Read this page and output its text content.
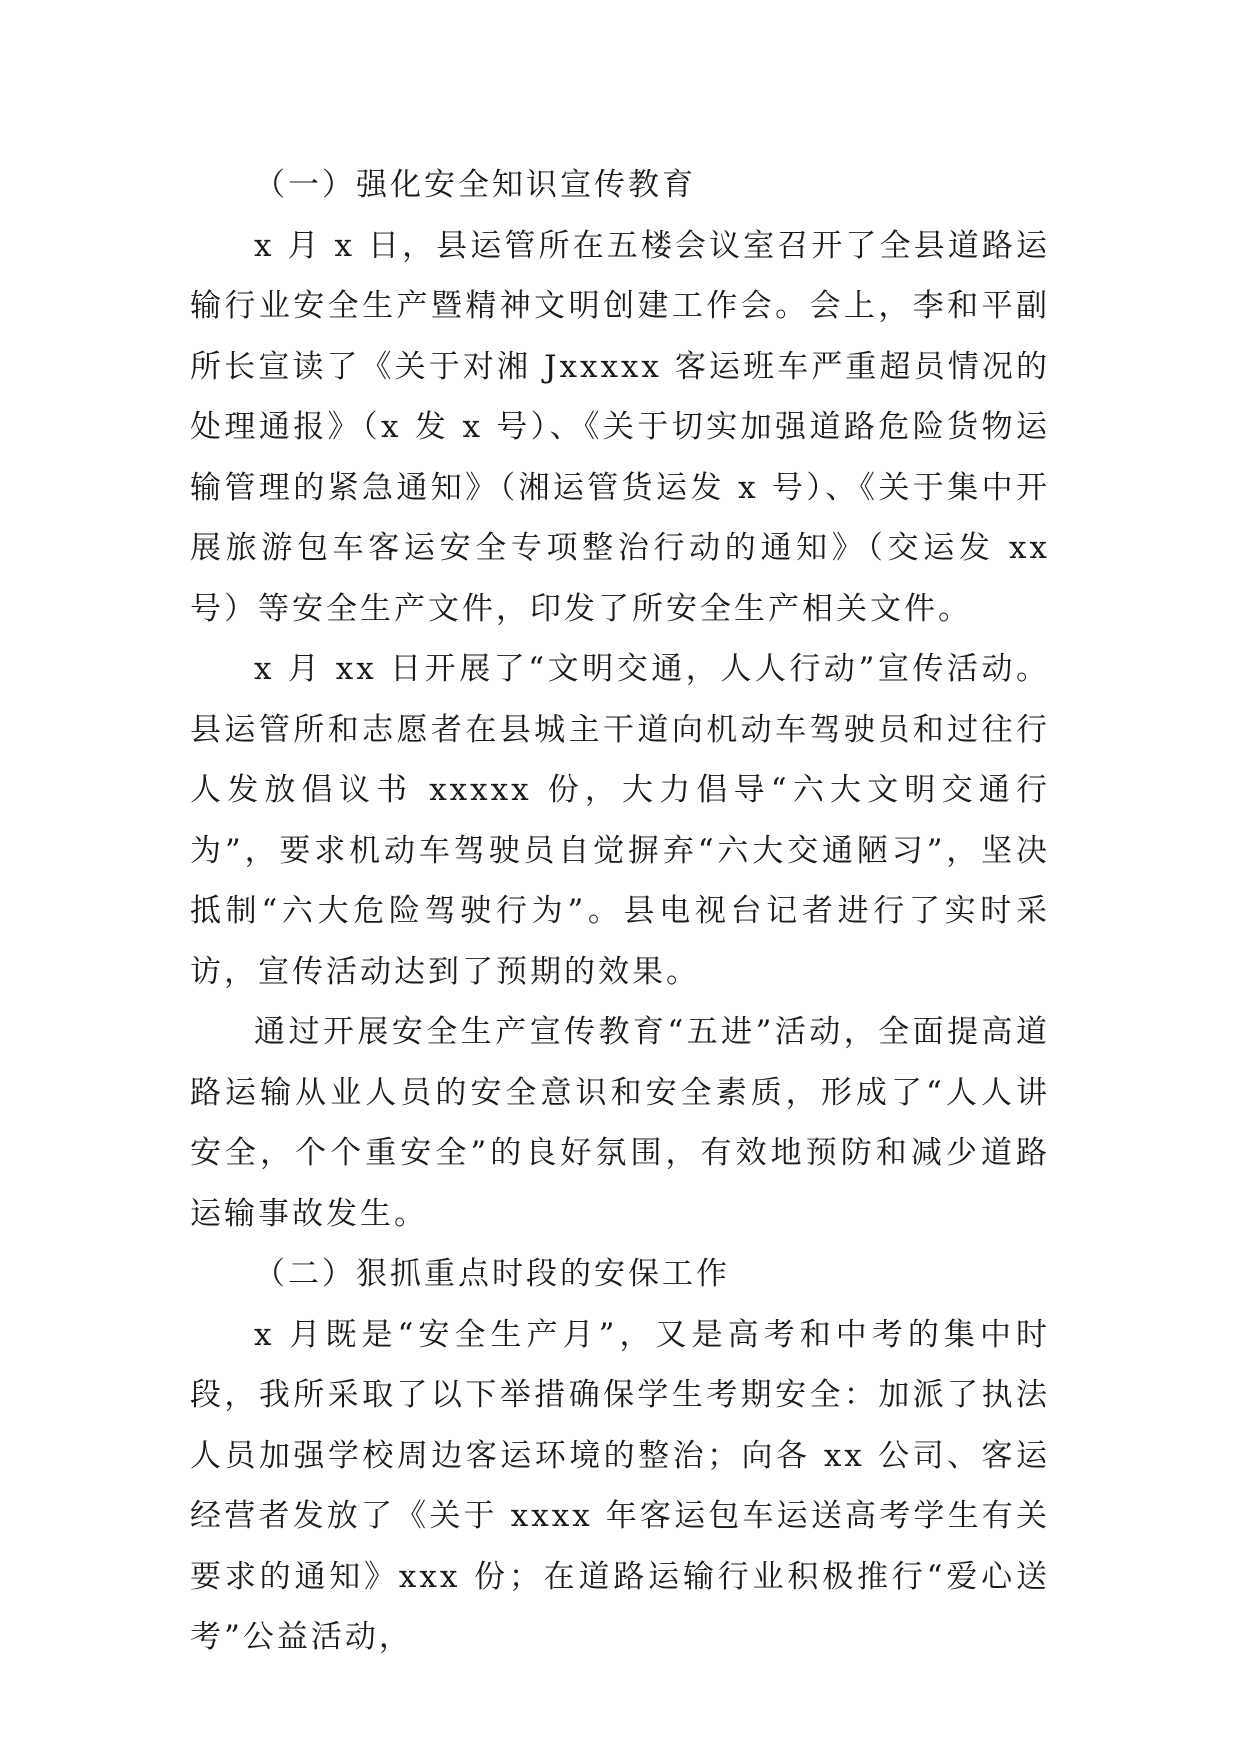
（一）强化安全知识宣传教育

x 月 x 日，县运管所在五楼会议室召开了全县道路运输行业安全生产暨精神文明创建工作会。会上，李和平副所长宣读了《关于对湘 Jxxxxx 客运班车严重超员情况的处理通报》（x 发 x 号）、《关于切实加强道路危险货物运输管理的紧急通知》（湘运管货运发 x 号）、《关于集中开展旅游包车客运安全专项整治行动的通知》（交运发 xx 号）等安全生产文件，印发了所安全生产相关文件。

x 月 xx 日开展了“文明交通，人人行动”宣传活动。县运管所和志愿者在县城主干道向机动车驾驶员和过往行人发放倡议书 xxxxx 份，大力倡导“六大文明交通行为”，要求机动车驾驶员自觉摒弃“六大交通陋习”，坚决抵制“六大危险驾驶行为”。县电视台记者进行了实时采访，宣传活动达到了预期的效果。

通过开展安全生产宣传教育“五进”活动，全面提高道路运输从业人员的安全意识和安全素质，形成了“人人讲安全，个个重安全”的良好氛围，有效地预防和减少道路运输事故发生。

（二）狠抓重点时段的安保工作

x 月既是“安全生产月”，又是高考和中考的集中时段，我所采取了以下举措确保学生考期安全：加派了执法人员加强学校周边客运环境的整治；向各 xx 公司、客运经营者发放了《关于 xxxx 年客运包车运送高考学生有关要求的通知》xxx 份；在道路运输行业积极推行“爱心送考”公益活动，
